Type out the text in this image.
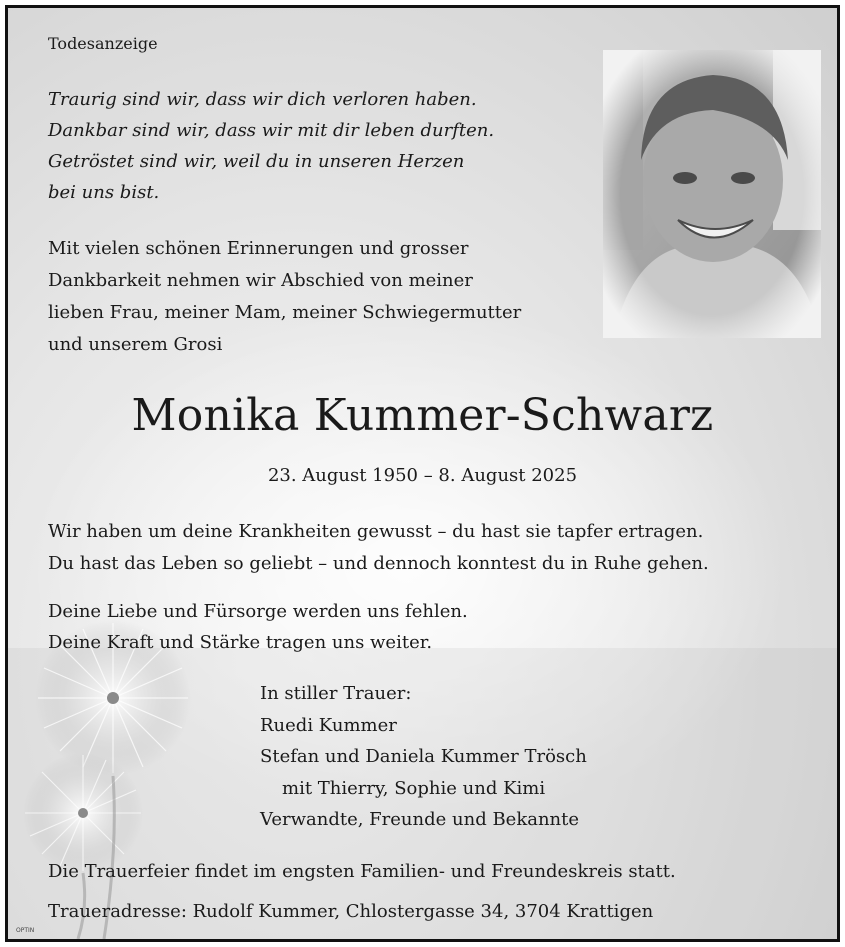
Todesanzeige

Traurig sind wir, dass wir dich verloren haben.
Dankbar sind wir, dass wir mit dir leben durften.
Getröstet sind wir, weil du in unseren Herzen
bei uns bist.
Mit vielen schönen Erinnerungen und grosser
Dankbarkeit nehmen wir Abschied von meiner
lieben Frau, meiner Mam, meiner Schwiegermutter
und unserem Grosi
Monika Kummer-Schwarz

23. August 1950 – 8. August 2025

Wir haben um deine Krankheiten gewusst – du hast sie tapfer ertragen.
Du hast das Leben so geliebt – und dennoch konntest du in Ruhe gehen.
Deine Liebe und Fürsorge werden uns fehlen.
Deine Kraft und Stärke tragen uns weiter.
In stiller Trauer:
Ruedi Kummer
Stefan und Daniela Kummer Trösch
mit Thierry, Sophie und Kimi
Verwandte, Freunde und Bekannte

Die Trauerfeier findet im engsten Familien- und Freundeskreis statt.

Traueradresse: Rudolf Kummer, Chlostergasse 34, 3704 Krattigen

OPTIN
